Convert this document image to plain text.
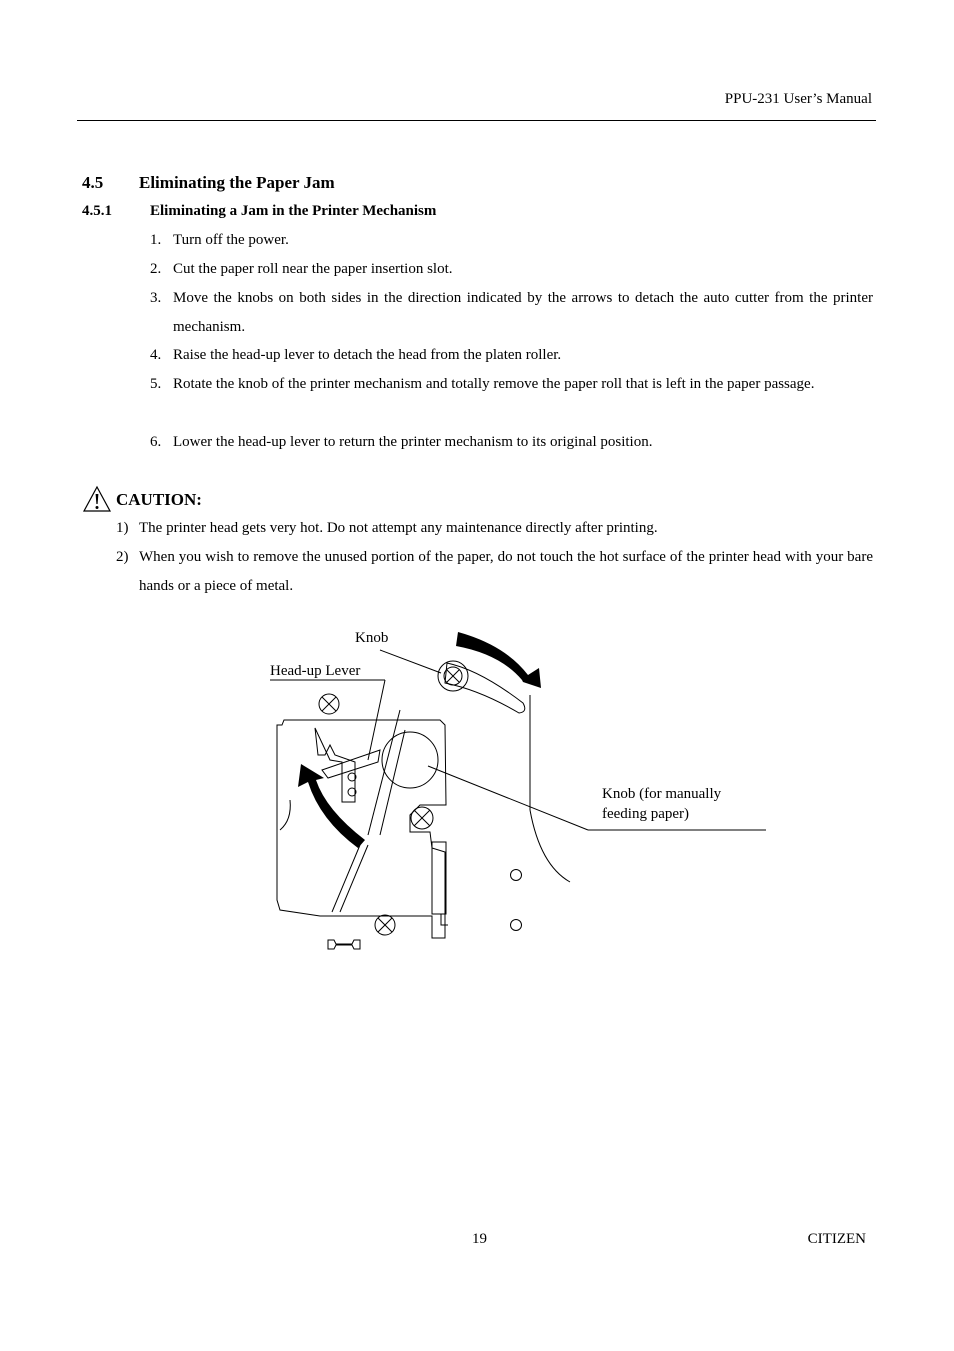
PPU-231 User’s Manual
4.5 Eliminating the Paper Jam
4.5.1	Eliminating a Jam in the Printer Mechanism
1. Turn off the power.
2. Cut the paper roll near the paper insertion slot.
3. Move the knobs on both sides in the direction indicated by the arrows to detach the auto cutter from the printer mechanism.
4. Raise the head-up lever to detach the head from the platen roller.
5. Rotate the knob of the printer mechanism and totally remove the paper roll that is left in the paper passage.
6. Lower the head-up lever to return the printer mechanism to its original position.
CAUTION:
1) The printer head gets very hot. Do not attempt any maintenance directly after printing.
2) When you wish to remove the unused portion of the paper, do not touch the hot surface of the printer head with your bare hands or a piece of metal.
Knob
Head-up Lever
Knob (for manually
feeding paper)
19	CITIZEN
